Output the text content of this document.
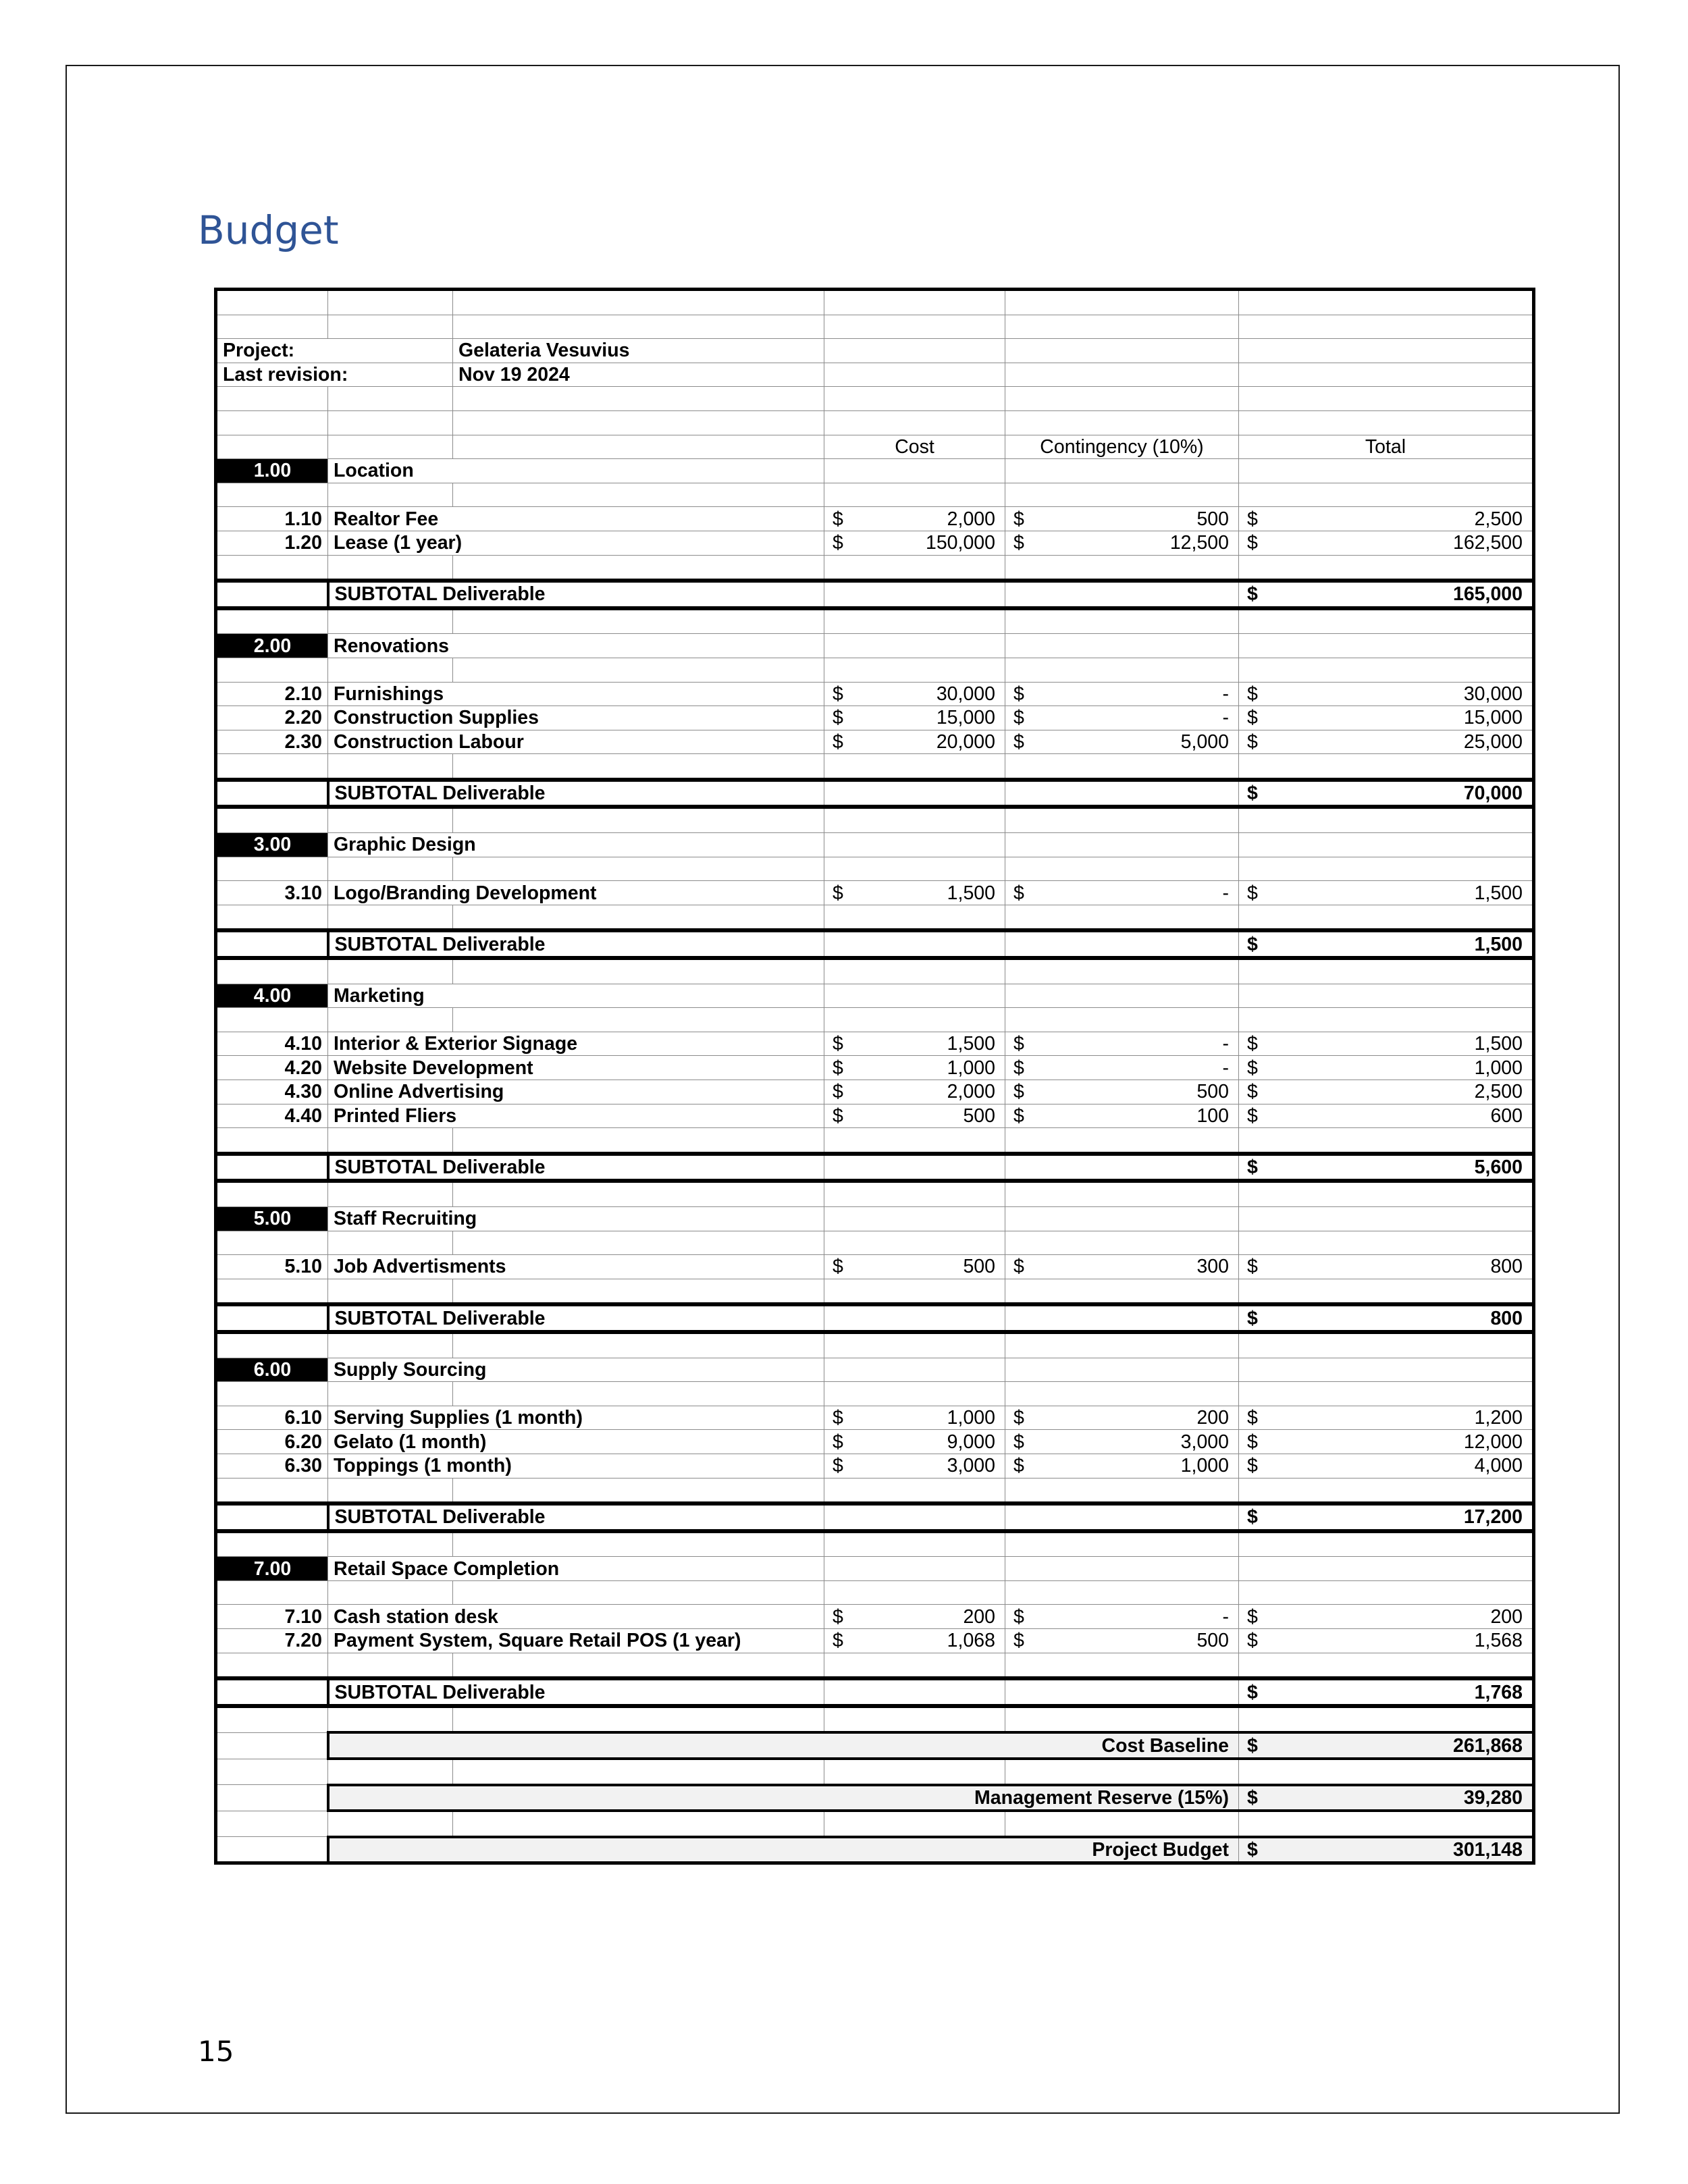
Budget

Project:		Gelateria Vesuvius			
Last revision:		Nov 19 2024			

			Cost	Contingency (10%)	Total
1.00	Location				

1.10	Realtor Fee		$ 2,000	$ 500	$ 2,500

1.20	Lease (1 year)		$ 150,000	$ 12,500	$ 162,500

	SUBTOTAL Deliverable				$ 165,000

2.00	Renovations				

2.10	Furnishings		$ 30,000	$ -	$ 30,000

2.20	Construction Supplies		$ 15,000	$ -	$ 15,000

2.30	Construction Labour		$ 20,000	$ 5,000	$ 25,000

	SUBTOTAL Deliverable				$ 70,000

3.00	Graphic Design				

3.10	Logo/Branding Development		$ 1,500	$ -	$ 1,500

	SUBTOTAL Deliverable				$ 1,500

4.00	Marketing				

4.10	Interior & Exterior Signage		$ 1,500	$ -	$ 1,500

4.20	Website Development		$ 1,000	$ -	$ 1,000

4.30	Online Advertising		$ 2,000	$ 500	$ 2,500

4.40	Printed Fliers		$ 500	$ 100	$ 600

	SUBTOTAL Deliverable				$ 5,600

5.00	Staff Recruiting				

5.10	Job Advertisments		$ 500	$ 300	$ 800

	SUBTOTAL Deliverable				$ 800

6.00	Supply Sourcing				

6.10	Serving Supplies (1 month)		$ 1,000	$ 200	$ 1,200

6.20	Gelato (1 month)		$ 9,000	$ 3,000	$ 12,000

6.30	Toppings (1 month)		$ 3,000	$ 1,000	$ 4,000

	SUBTOTAL Deliverable				$ 17,200

7.00	Retail Space Completion				

7.10	Cash station desk		$ 200	$ -	$ 200

7.20	Payment System, Square Retail POS (1 year)		$ 1,068	$ 500	$ 1,568

	SUBTOTAL Deliverable				$ 1,768

	Cost Baseline				$ 261,868

	Management Reserve (15%)				$ 39,280

	Project Budget				$ 301,148
15
